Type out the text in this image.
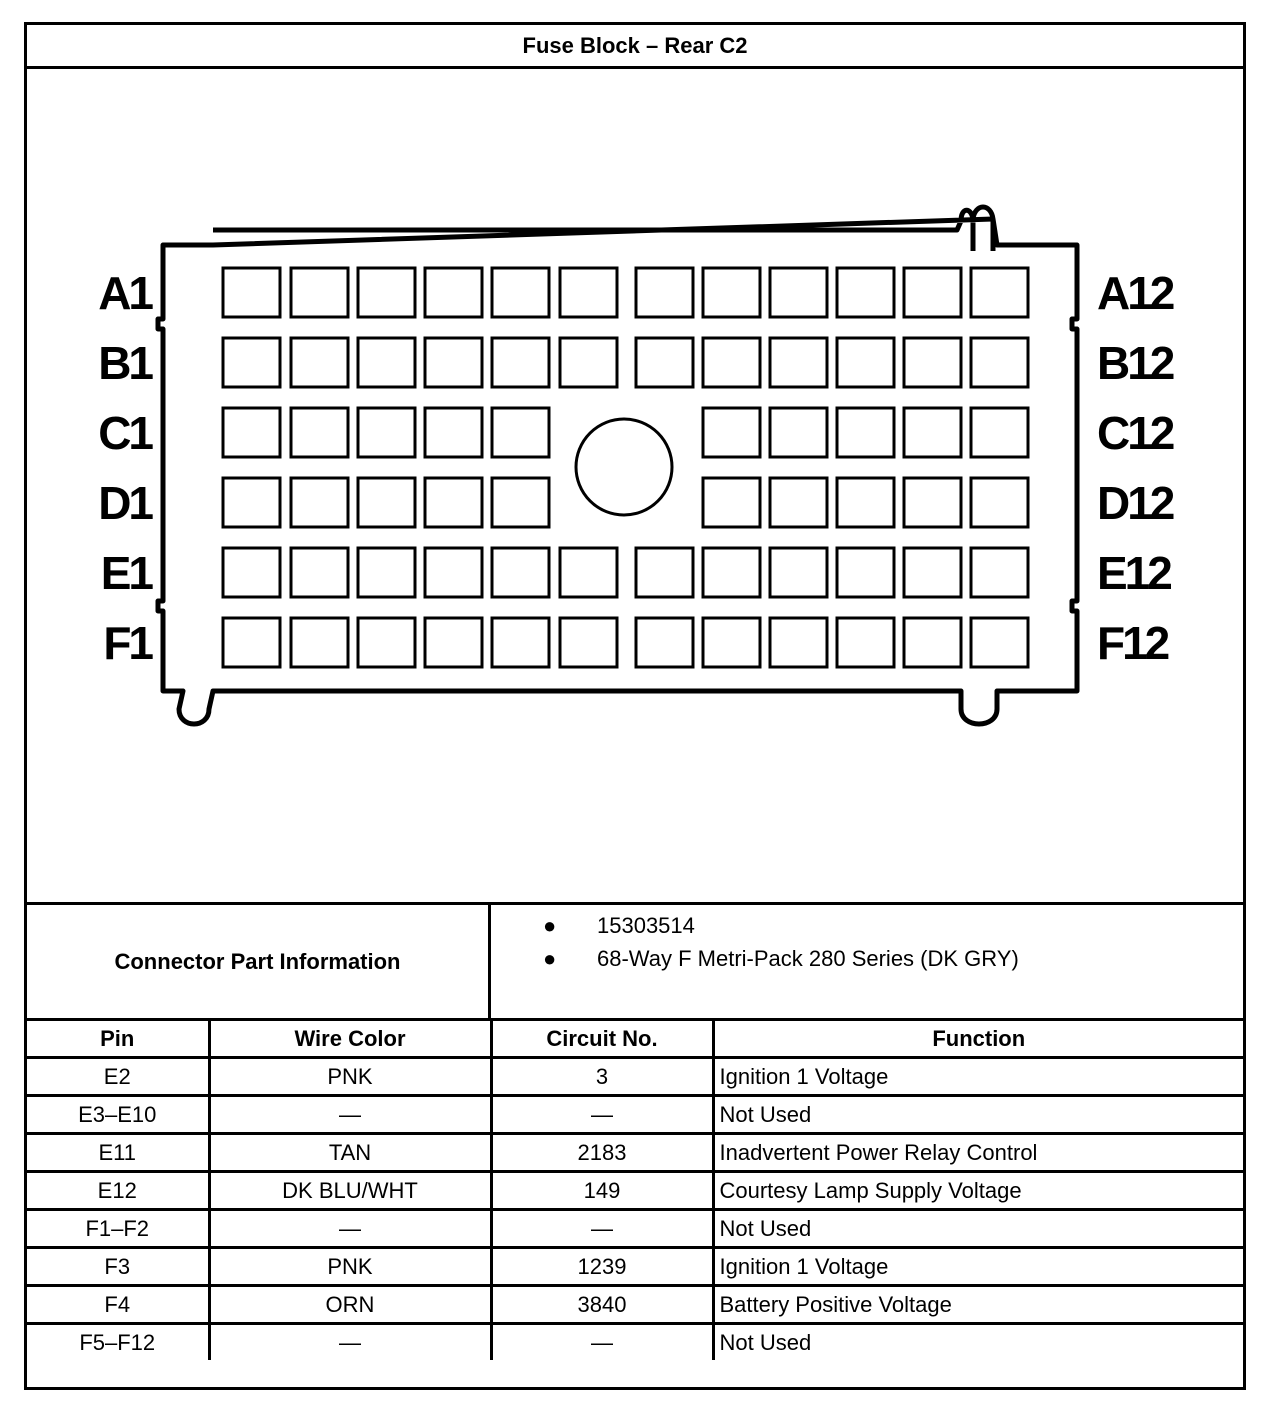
Fuse Block – Rear C2
A1
B1
C1
D1
E1
F1
A12
B12
C12
D12
E12
F12
Connector Part Information
● 15303514
● 68-Way F Metri-Pack 280 Series (DK GRY)
Pin	Wire Color	Circuit No.	Function
E2	PNK	3	Ignition 1 Voltage
E3–E10	—	—	Not Used
E11	TAN	2183	Inadvertent Power Relay Control
E12	DK BLU/WHT	149	Courtesy Lamp Supply Voltage
F1–F2	—	—	Not Used
F3	PNK	1239	Ignition 1 Voltage
F4	ORN	3840	Battery Positive Voltage
F5–F12	—	—	Not Used
